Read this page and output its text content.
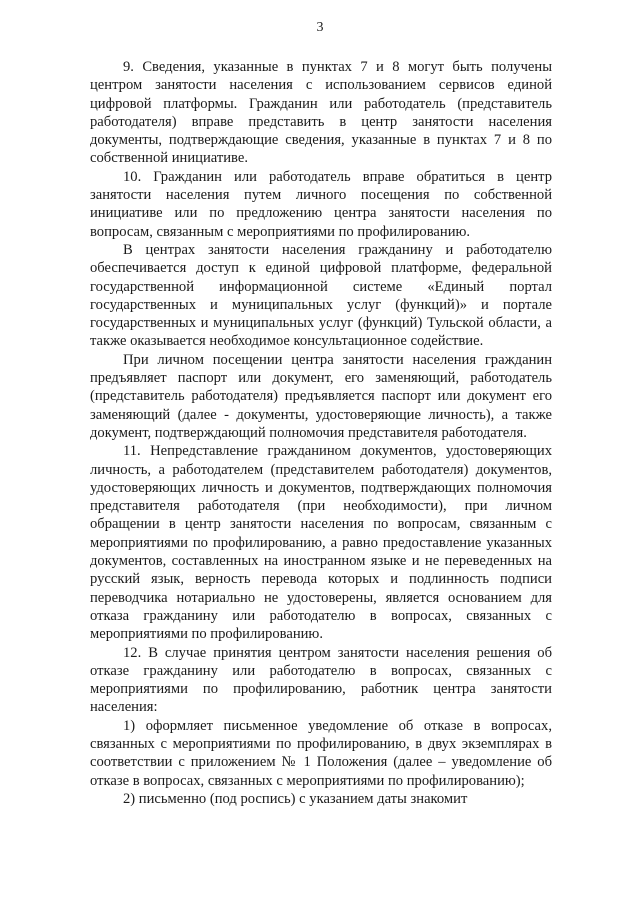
3

9. Сведения, указанные в пунктах 7 и 8 могут быть получены центром занятости населения с использованием сервисов единой цифровой платформы. Гражданин или работодатель (представитель работодателя) вправе представить в центр занятости населения документы, подтверждающие сведения, указанные в пунктах 7 и 8 по собственной инициативе.

10. Гражданин или работодатель вправе обратиться в центр занятости населения путем личного посещения по собственной инициативе или по предложению центра занятости населения по вопросам, связанным с мероприятиями по профилированию.

В центрах занятости населения гражданину и работодателю обеспечивается доступ к единой цифровой платформе, федеральной государственной информационной системе «Единый портал государственных и муниципальных услуг (функций)» и портале государственных и муниципальных услуг (функций) Тульской области, а также оказывается необходимое консультационное содействие.

При личном посещении центра занятости населения гражданин предъявляет паспорт или документ, его заменяющий, работодатель (представитель работодателя) предъявляется паспорт или документ его заменяющий (далее - документы, удостоверяющие личность), а также документ, подтверждающий полномочия представителя работодателя.

11. Непредставление гражданином документов, удостоверяющих личность, а работодателем (представителем работодателя) документов, удостоверяющих личность и документов, подтверждающих полномочия представителя работодателя (при необходимости), при личном обращении в центр занятости населения по вопросам, связанным с мероприятиями по профилированию, а равно предоставление указанных документов, составленных на иностранном языке и не переведенных на русский язык, верность перевода которых и подлинность подписи переводчика нотариально не удостоверены, является основанием для отказа гражданину или работодателю в вопросах, связанных с мероприятиями по профилированию.

12. В случае принятия центром занятости населения решения об отказе гражданину или работодателю в вопросах, связанных с мероприятиями по профилированию, работник центра занятости населения:

1) оформляет письменное уведомление об отказе в вопросах, связанных с мероприятиями по профилированию, в двух экземплярах в соответствии с приложением № 1 Положения (далее – уведомление об отказе в вопросах, связанных с мероприятиями по профилированию);

2) письменно (под роспись) с указанием даты знакомит
